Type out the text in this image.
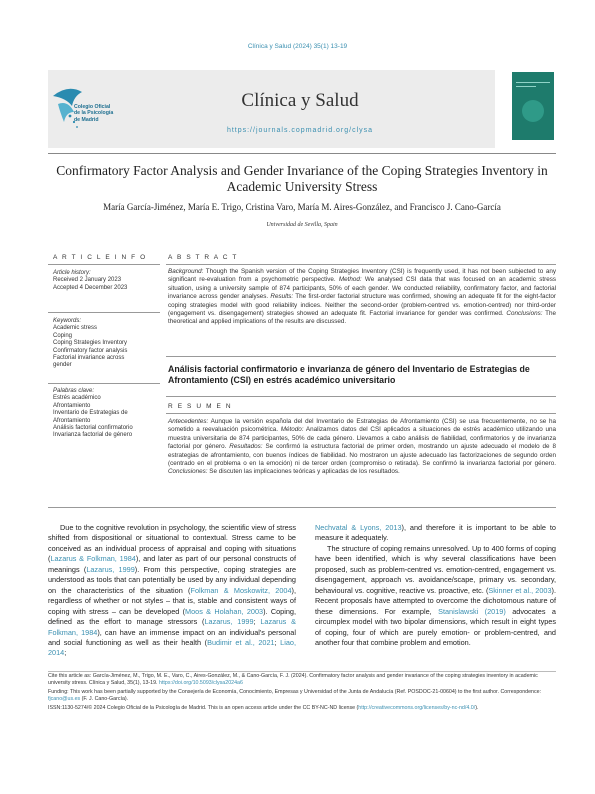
Clínica y Salud (2024) 35(1) 13-19
Colegio Oficial
de la Psicología
de Madrid
Clínica y Salud
https://journals.copmadrid.org/clysa
Confirmatory Factor Analysis and Gender Invariance of the Coping Strategies Inventory in Academic University Stress
María García-Jiménez, María E. Trigo, Cristina Varo, María M. Aires-González, and Francisco J. Cano-García
Universidad de Sevilla, Spain
A R T I C L E I N F O
Article history:
Received 2 January 2023
Accepted 4 December 2023
Keywords:
Academic stress
Coping
Coping Strategies Inventory
Confirmatory factor analysis
Factorial invariance across
gender
Palabras clave:
Estrés académico
Afrontamiento
Inventario de Estrategias de
Afrontamiento
Análisis factorial confirmatorio
Invarianza factorial de género
A B S T R A C T
Background: Though the Spanish version of the Coping Strategies Inventory (CSI) is frequently used, it has not been subjected to any significant re-evaluation from a psychometric perspective. Method: We analysed CSI data that was focused on an academic stress situation, using a university sample of 874 participants, 50% of each gender. We conducted reliability, confirmatory factor, and factorial invariance across gender analyses. Results: The first-order factorial structure was confirmed, showing an adequate fit for the eight-factor coping strategies model with good reliability indices. Neither the second-order (problem-centred vs. emotion-centred) nor third-order (engagement vs. disengagement) strategies showed an adequate fit. Factorial invariance for gender was confirmed. Conclusions: The theoretical and applied implications of the results are discussed.
Análisis factorial confirmatorio e invarianza de género del Inventario de Estrategias de Afrontamiento (CSI) en estrés académico universitario
R E S U M E N
Antecedentes: Aunque la versión española del del Inventario de Estrategias de Afrontamiento (CSI) se usa frecuentemente, no se ha sometido a reevaluación psicométrica. Método: Analizamos datos del CSI aplicados a situaciones de estrés académico utilizando una muestra universitaria de 874 participantes, 50% de cada género. Llevamos a cabo análisis de fiabilidad, confirmatorios y de invarianza factorial por género. Resultados: Se confirmó la estructura factorial de primer orden, mostrando un ajuste adecuado el modelo de 8 estrategias de afrontamiento, con buenos índices de fiabilidad. No mostraron un ajuste adecuado las factorizaciones de segundo orden (centrado en el problema o en la emoción) ni de tercer orden (compromiso o retirada). Se confirmó la invarianza factorial por género. Conclusiones: Se discuten las implicaciones teóricas y aplicadas de los resultados.

Due to the cognitive revolution in psychology, the scientific view of stress shifted from dispositional or situational to contextual. Stress came to be conceived as an individual process of appraisal and coping with situations (Lazarus & Folkman, 1984), and later as part of our personal constructs of meanings (Lazarus, 1999). From this perspective, coping strategies are understood as tools that can potentially be used by any individual depending on the characteristics of the situation (Folkman & Moskowitz, 2004), regardless of whether or not styles – that is, stable and consistent ways of coping with stress – can be developed (Moos & Holahan, 2003). Coping, defined as the effort to manage stressors (Lazarus, 1999; Lazarus & Folkman, 1984), can have an immense impact on an individual's personal and social functioning as well as their health (Budimir et al., 2021; Liao, 2014;

Nechvatal & Lyons, 2013), and therefore it is important to be able to measure it adequately.

The structure of coping remains unresolved. Up to 400 forms of coping have been identified, which is why several classifications have been proposed, such as problem-centred vs. emotion-centred, engagement vs. disengagement, approach vs. avoidance/scape, primary vs. secondary, behavioural vs. cognitive, reactive vs. proactive, etc. (Skinner et al., 2003). Recent proposals have attempted to overcome the dichotomous nature of these dimensions. For example, Stanislawski (2019) advocates a circumplex model with two bipolar dimensions, which result in eight types of coping, four of which are purely emotion- or problem-centred, and another four that combine problem and emotion.

Cite this article as: García-Jiménez, M., Trigo, M. E., Varo, C., Aires-González, M., & Cano-García, F. J. (2024). Confirmatory factor analysis and gender invariance of the coping strategies inventory in academic university stress. Clínica y Salud, 35(1), 13-19. https://doi.org/10.5093/clysa2024a6
Funding: This work has been partially supported by the Consejería de Economía, Conocimiento, Empresas y Universidad of the Junta de Andalucía (Ref. POSDOC-21-00604) to the first author. Correspondence: fjcano@us.es (F. J. Cano-García).
ISSN:1130-5274/© 2024 Colegio Oficial de la Psicología de Madrid. This is an open access article under the CC BY-NC-ND license (http://creativecommons.org/licenses/by-nc-nd/4.0/).
